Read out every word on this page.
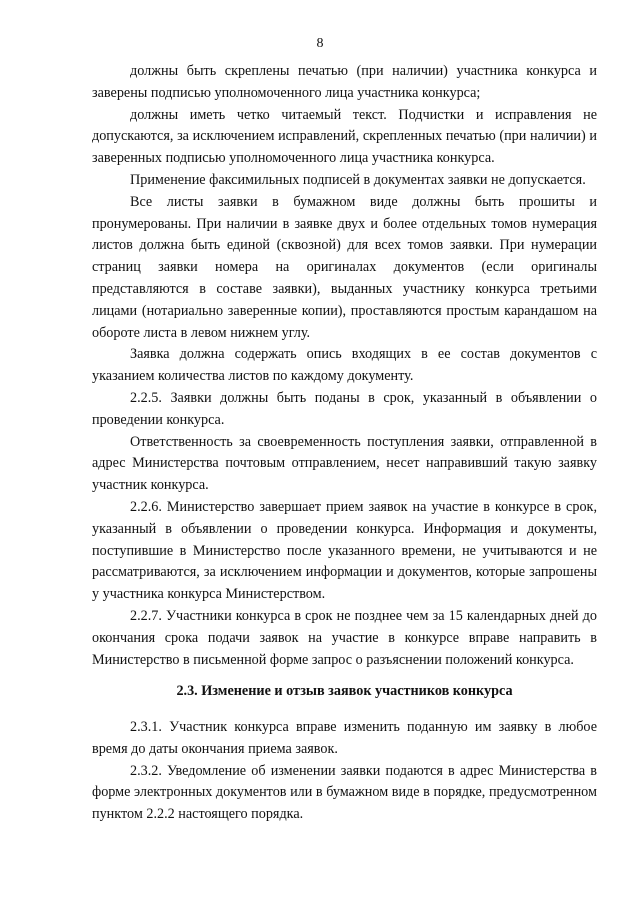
8

должны быть скреплены печатью (при наличии) участника конкурса и заверены подписью уполномоченного лица участника конкурса;

должны иметь четко читаемый текст. Подчистки и исправления не допускаются, за исключением исправлений, скрепленных печатью (при наличии) и заверенных подписью уполномоченного лица участника конкурса.

Применение факсимильных подписей в документах заявки не допускается.

Все листы заявки в бумажном виде должны быть прошиты и пронумерованы. При наличии в заявке двух и более отдельных томов нумерация листов должна быть единой (сквозной) для всех томов заявки. При нумерации страниц заявки номера на оригиналах документов (если оригиналы представляются в составе заявки), выданных участнику конкурса третьими лицами (нотариально заверенные копии), проставляются простым карандашом на обороте листа в левом нижнем углу.

Заявка должна содержать опись входящих в ее состав документов с указанием количества листов по каждому документу.

2.2.5. Заявки должны быть поданы в срок, указанный в объявлении о проведении конкурса.

Ответственность за своевременность поступления заявки, отправленной в адрес Министерства почтовым отправлением, несет направивший такую заявку участник конкурса.

2.2.6. Министерство завершает прием заявок на участие в конкурсе в срок, указанный в объявлении о проведении конкурса. Информация и документы, поступившие в Министерство после указанного времени, не учитываются и не рассматриваются, за исключением информации и документов, которые запрошены у участника конкурса Министерством.

2.2.7. Участники конкурса в срок не позднее чем за 15 календарных дней до окончания срока подачи заявок на участие в конкурсе вправе направить в Министерство в письменной форме запрос о разъяснении положений конкурса.

2.3. Изменение и отзыв заявок участников конкурса

2.3.1. Участник конкурса вправе изменить поданную им заявку в любое время до даты окончания приема заявок.

2.3.2. Уведомление об изменении заявки подаются в адрес Министерства в форме электронных документов или в бумажном виде в порядке, предусмотренном пунктом 2.2.2 настоящего порядка.
